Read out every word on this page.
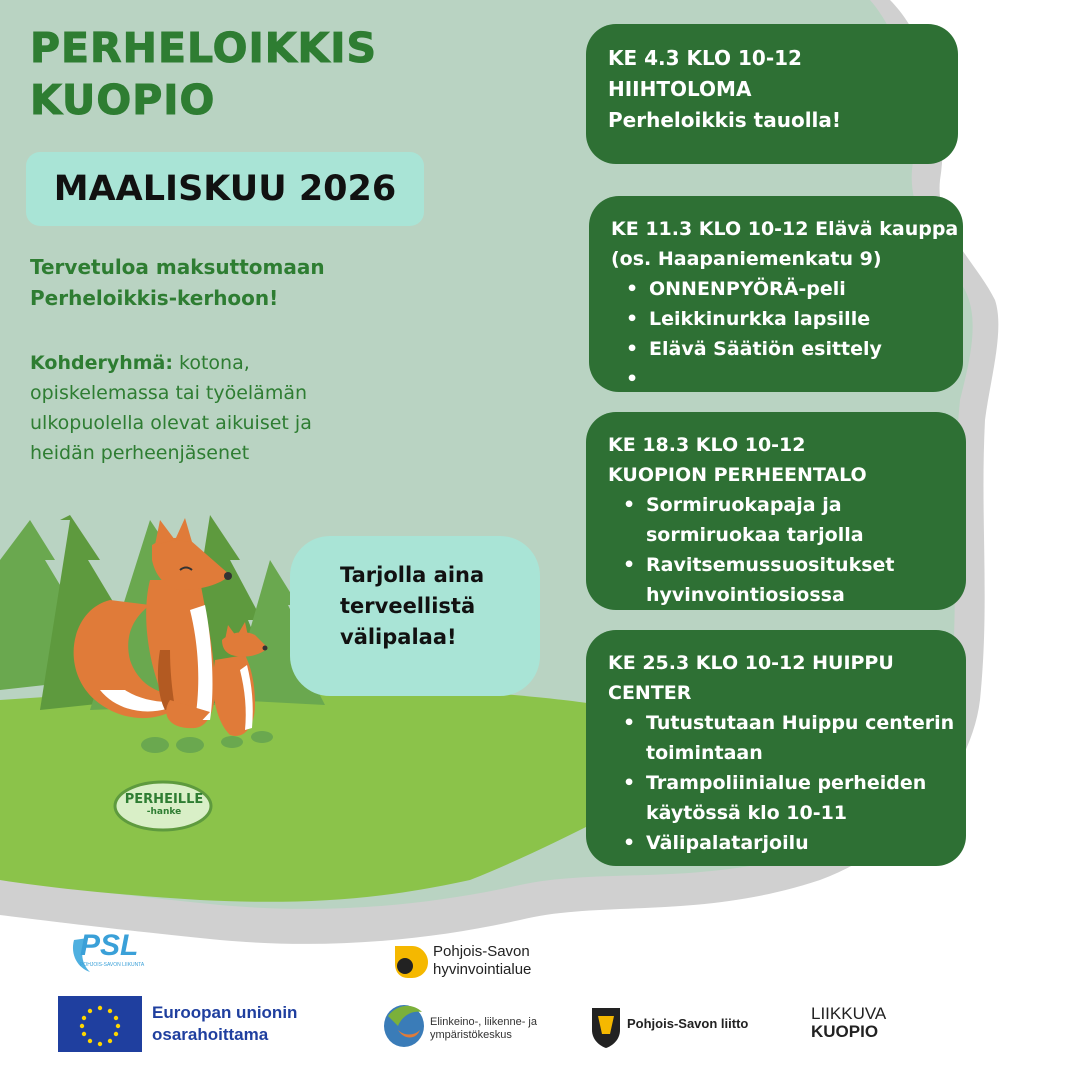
PERHELOIKKIS
KUOPIO
MAALISKUU 2026
Tervetuloa maksuttomaan
Perheloikkis-kerhoon!
Kohderyhmä: kotona, opiskelemassa tai työelämän ulkopuolella olevat aikuiset ja heidän perheenjäsenet
Tarjolla aina
terveellistä
välipalaa!
KE 4.3 KLO 10-12
HIIHTOLOMA
Perheloikkis tauolla!
KE 11.3 KLO 10-12 Elävä kauppa
(os. Haapaniemenkatu 9)
• ONNENPYÖRÄ-peli
• Leikkinurkka lapsille
• Elävä Säätiön esittely
•
KE 18.3 KLO 10-12
KUOPION PERHEENTALO
• Sormiruokapaja ja sormiruokaa tarjolla
• Ravitsemussuositukset hyvinvointiosiossa
KE 25.3 KLO 10-12 HUIPPU
CENTER
• Tutustutaan Huippu centerin toimintaan
• Trampoliinialue perheiden käytössä klo 10-11
• Välipalatarjoilu
PERHEILLE
-hanke
PSL
POHJOIS-SAVON LIIKUNTA
Pohjois-Savon
hyvinvointialue
Euroopan unionin
osarahoittama
Elinkeino-, liikenne- ja
ympäristökeskus
Pohjois-Savon liitto
LIIKKUVA
KUOPIO
